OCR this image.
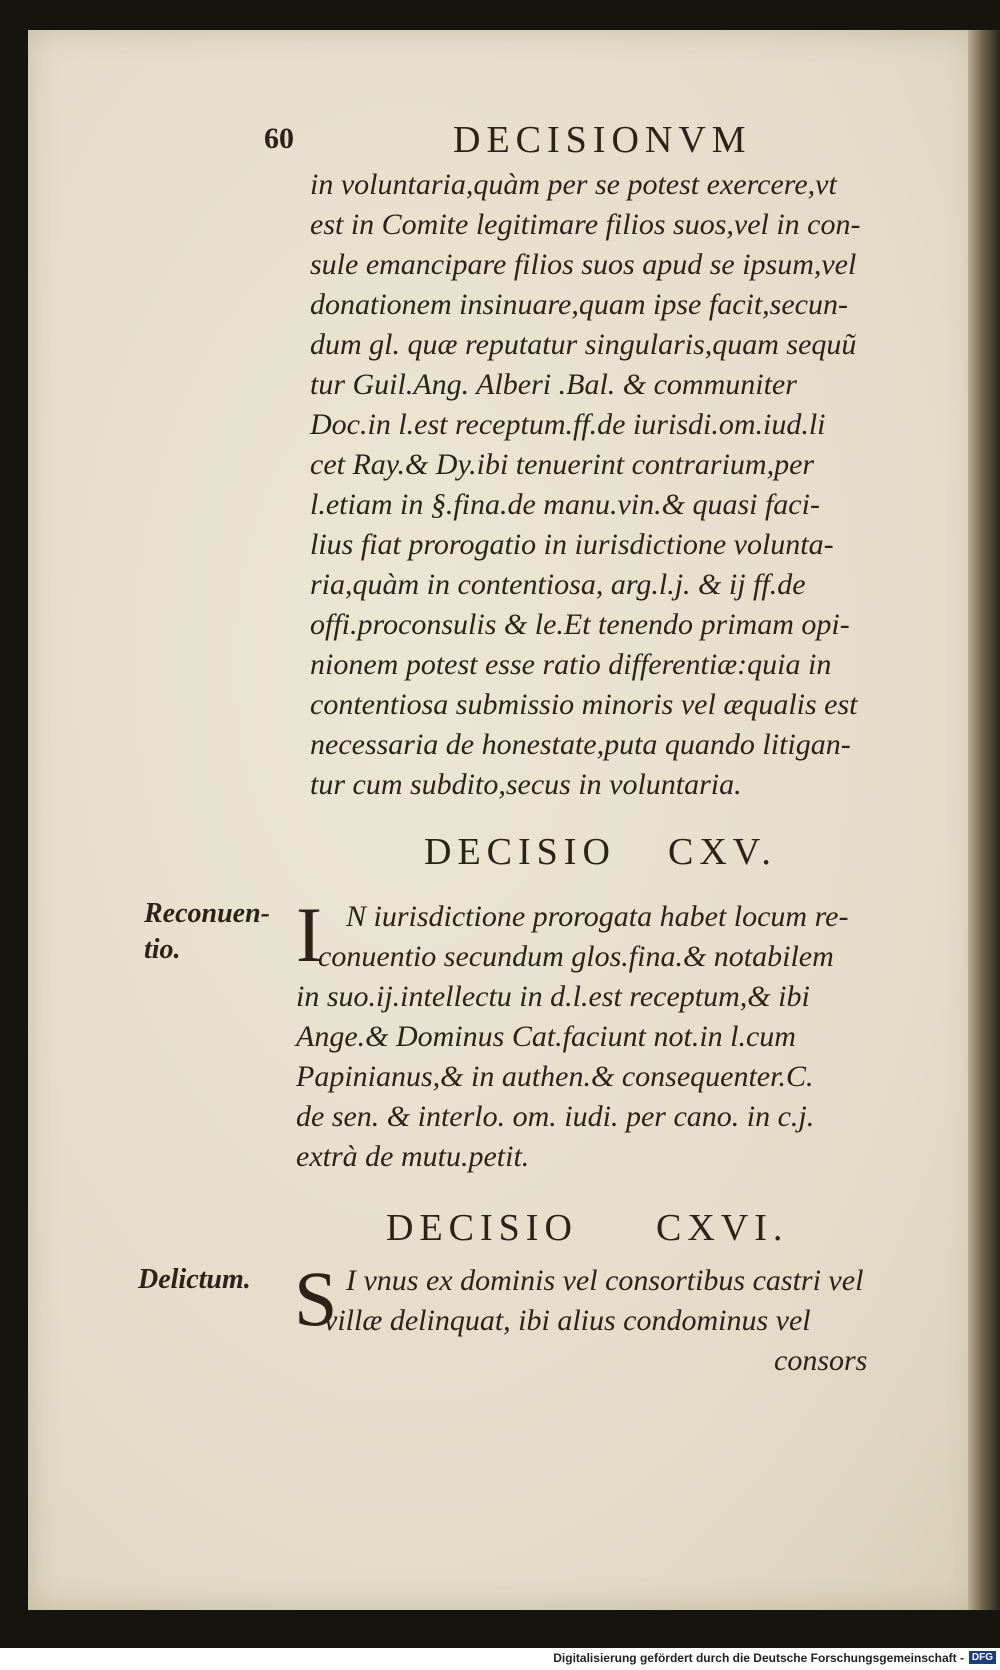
60	DECISIONVM
in voluntaria,quàm per se potest exercere,vt
est in Comite legitimare filios suos,vel in con-
sule emancipare filios suos apud se ipsum,vel
donationem insinuare,quam ipse facit,secun-
dum gl. quæ reputatur singularis,quam sequũ
tur Guil.Ang. Alberi .Bal. & communiter
Doc.in l.est receptum.ff.de iurisdi.om.iud.li
cet Ray.& Dy.ibi tenuerint contrarium,per
l.etiam in §.fina.de manu.vin.& quasi faci-
lius fiat prorogatio in iurisdictione volunta-
ria,quàm in contentiosa, arg.l.j. & ij ff.de
offi.proconsulis & le.Et tenendo primam opi-
nionem potest esse ratio differentiæ:quia in
contentiosa submissio minoris vel æqualis est
necessaria de honestate,puta quando litigan-
tur cum subdito,secus in voluntaria.
DECISIO CXV.
Reconuen-
tio. I N iurisdictione prorogata habet locum re-
conuentio secundum glos.fina.& notabilem
in suo.ij.intellectu in d.l.est receptum,& ibi
Ange.& Dominus Cat.faciunt not.in l.cum
Papinianus,& in authen.& consequenter.C.
de sen. & interlo. om. iudi. per cano. in c.j.
extrà de mutu.petit.
DECISIO CXVI.
Delictum. S I vnus ex dominis vel consortibus castri vel
villæ delinquat, ibi alius condominus vel
consors
Digitalisierung gefördert durch die Deutsche Forschungsgemeinschaft - DFG
